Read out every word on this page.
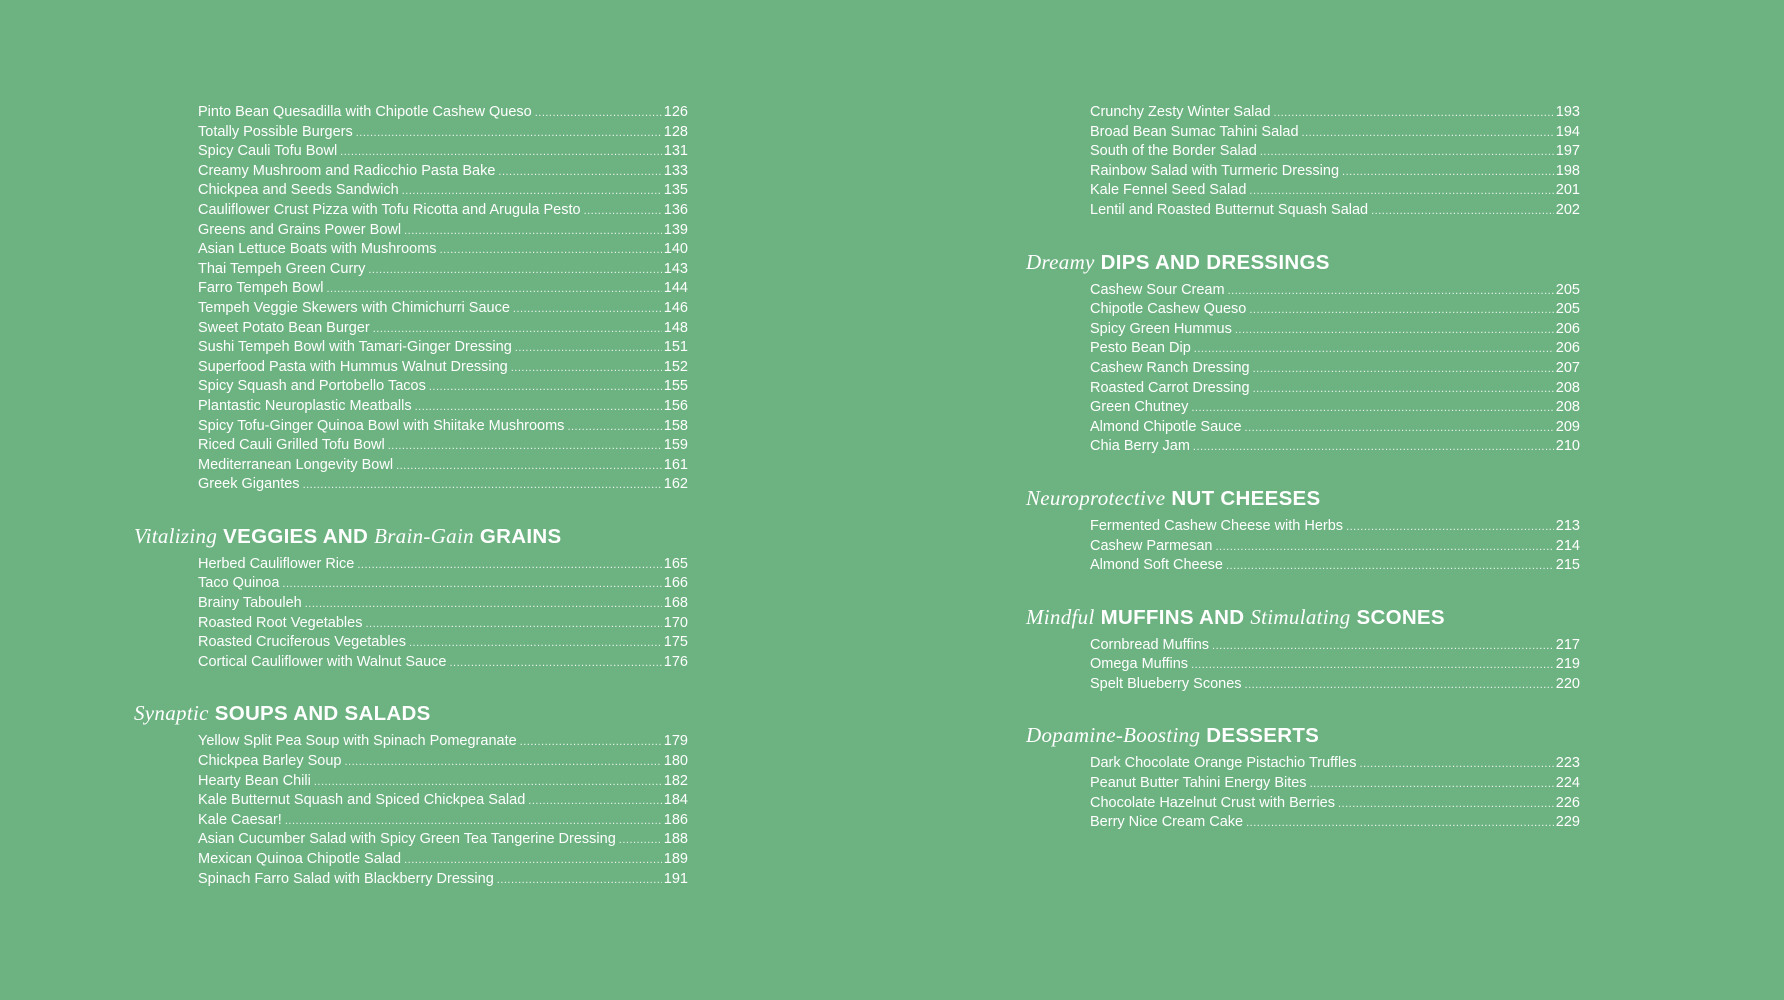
Pinto Bean Quesadilla with Chipotle Cashew Queso .....	126
Totally Possible Burgers .....	128
Spicy Cauli Tofu Bowl .....	131
Creamy Mushroom and Radicchio Pasta Bake .....	133
Chickpea and Seeds Sandwich .....	135
Cauliflower Crust Pizza with Tofu Ricotta and Arugula Pesto .....	136
Greens and Grains Power Bowl .....	139
Asian Lettuce Boats with Mushrooms .....	140
Thai Tempeh Green Curry .....	143
Farro Tempeh Bowl .....	144
Tempeh Veggie Skewers with Chimichurri Sauce .....	146
Sweet Potato Bean Burger .....	148
Sushi Tempeh Bowl with Tamari-Ginger Dressing .....	151
Superfood Pasta with Hummus Walnut Dressing .....	152
Spicy Squash and Portobello Tacos .....	155
Plantastic Neuroplastic Meatballs .....	156
Spicy Tofu-Ginger Quinoa Bowl with Shiitake Mushrooms .....	158
Riced Cauli Grilled Tofu Bowl .....	159
Mediterranean Longevity Bowl .....	161
Greek Gigantes .....	162
Vitalizing VEGGIES AND Brain-Gain GRAINS
Herbed Cauliflower Rice .....	165
Taco Quinoa .....	166
Brainy Tabouleh .....	168
Roasted Root Vegetables .....	170
Roasted Cruciferous Vegetables .....	175
Cortical Cauliflower with Walnut Sauce .....	176
Synaptic SOUPS AND SALADS
Yellow Split Pea Soup with Spinach Pomegranate .....	179
Chickpea Barley Soup .....	180
Hearty Bean Chili .....	182
Kale Butternut Squash and Spiced Chickpea Salad .....	184
Kale Caesar! .....	186
Asian Cucumber Salad with Spicy Green Tea Tangerine Dressing .....	188
Mexican Quinoa Chipotle Salad .....	189
Spinach Farro Salad with Blackberry Dressing .....	191
Crunchy Zesty Winter Salad .....	193
Broad Bean Sumac Tahini Salad .....	194
South of the Border Salad .....	197
Rainbow Salad with Turmeric Dressing .....	198
Kale Fennel Seed Salad .....	201
Lentil and Roasted Butternut Squash Salad .....	202
Dreamy DIPS AND DRESSINGS
Cashew Sour Cream .....	205
Chipotle Cashew Queso .....	205
Spicy Green Hummus .....	206
Pesto Bean Dip .....	206
Cashew Ranch Dressing .....	207
Roasted Carrot Dressing .....	208
Green Chutney .....	208
Almond Chipotle Sauce .....	209
Chia Berry Jam .....	210
Neuroprotective NUT CHEESES
Fermented Cashew Cheese with Herbs .....	213
Cashew Parmesan .....	214
Almond Soft Cheese .....	215
Mindful MUFFINS AND Stimulating SCONES
Cornbread Muffins .....	217
Omega Muffins .....	219
Spelt Blueberry Scones .....	220
Dopamine-Boosting DESSERTS
Dark Chocolate Orange Pistachio Truffles .....	223
Peanut Butter Tahini Energy Bites .....	224
Chocolate Hazelnut Crust with Berries .....	226
Berry Nice Cream Cake .....	229
